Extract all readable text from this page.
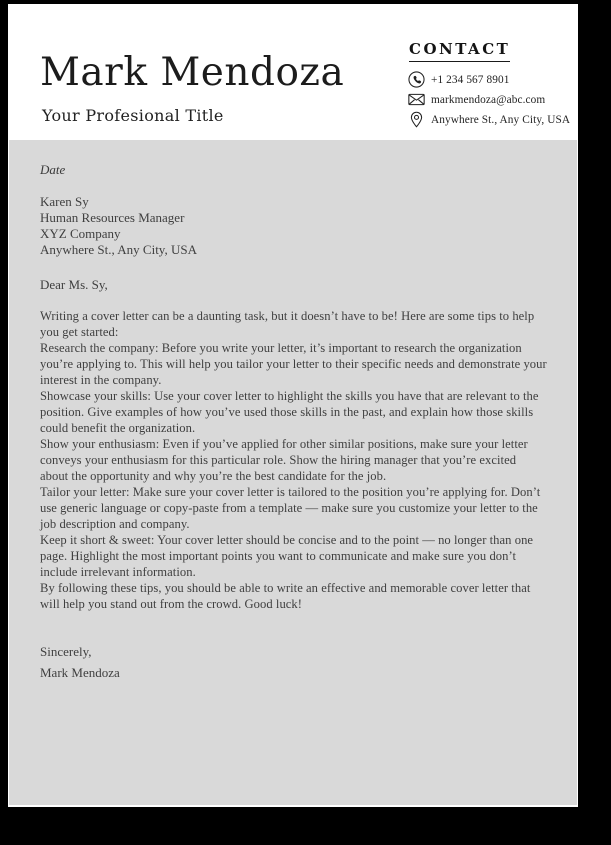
Mark Mendoza
Your Profesional Title
CONTACT
+1 234 567 8901
markmendoza@abc.com
Anywhere St., Any City, USA

Date

Karen Sy

Human Resources Manager

XYZ Company

Anywhere St., Any City, USA

Dear Ms. Sy,

Writing a cover letter can be a daunting task, but it doesn’t have to be! Here are some tips to help you get started:

Research the company: Before you write your letter, it’s important to research the organization you’re applying to. This will help you tailor your letter to their specific needs and demonstrate your interest in the company.

Showcase your skills: Use your cover letter to highlight the skills you have that are relevant to the position. Give examples of how you’ve used those skills in the past, and explain how those skills could benefit the organization.

Show your enthusiasm: Even if you’ve applied for other similar positions, make sure your letter conveys your enthusiasm for this particular role. Show the hiring manager that you’re excited about the opportunity and why you’re the best candidate for the job.

Tailor your letter: Make sure your cover letter is tailored to the position you’re applying for. Don’t use generic language or copy-paste from a template — make sure you customize your letter to the job description and company.

Keep it short & sweet: Your cover letter should be concise and to the point — no longer than one page. Highlight the most important points you want to communicate and make sure you don’t include irrelevant information.

By following these tips, you should be able to write an effective and memorable cover letter that will help you stand out from the crowd. Good luck!

Sincerely,

Mark Mendoza
